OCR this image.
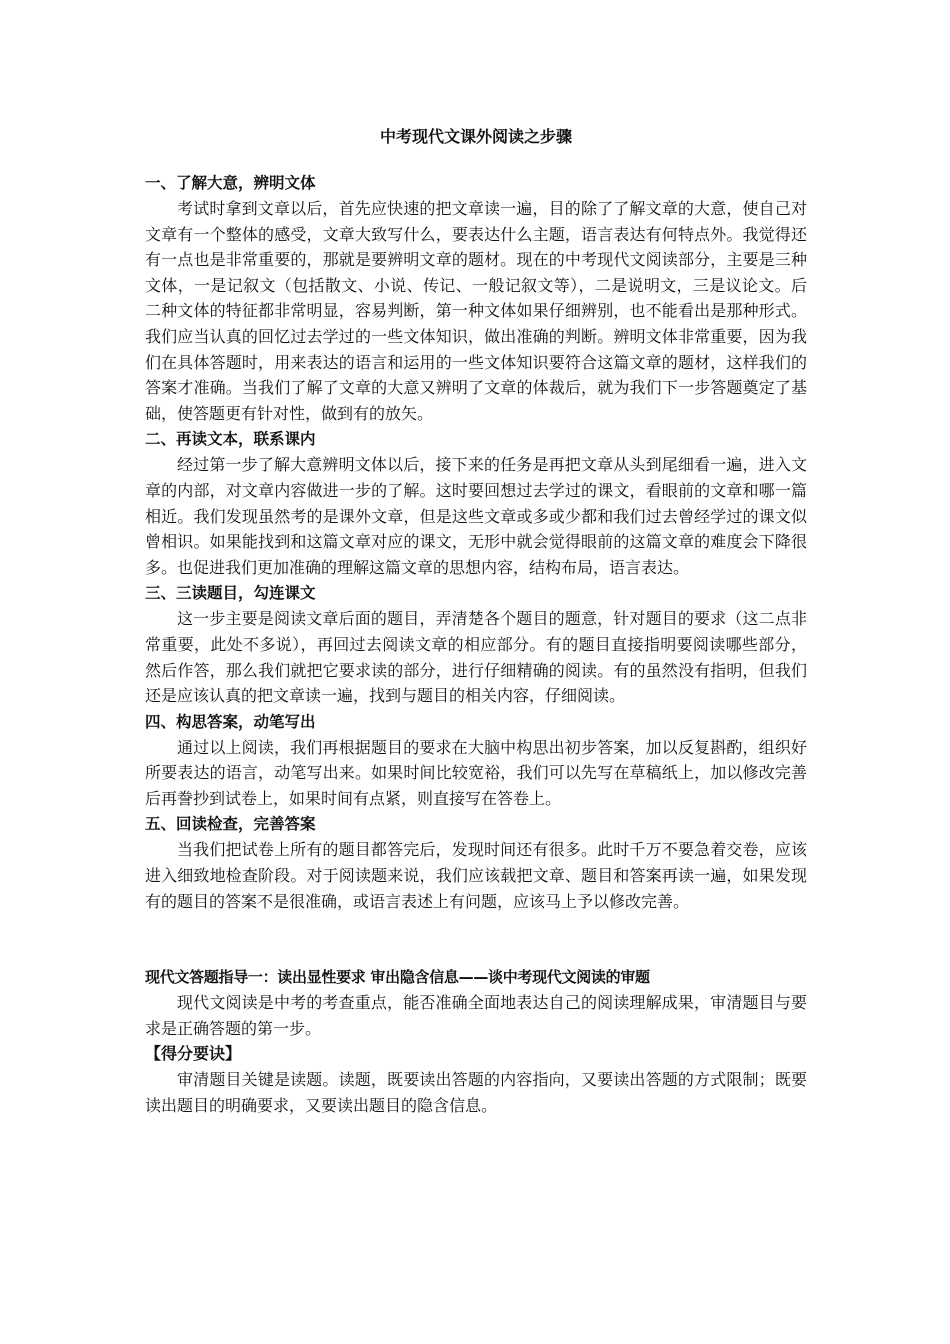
中考现代文课外阅读之步骤

一、了解大意，辨明文体

考试时拿到文章以后，首先应快速的把文章读一遍，目的除了了解文章的大意，使自己对文章有一个整体的感受，文章大致写什么，要表达什么主题，语言表达有何特点外。我觉得还有一点也是非常重要的，那就是要辨明文章的题材。现在的中考现代文阅读部分，主要是三种文体，一是记叙文（包括散文、小说、传记、一般记叙文等），二是说明文，三是议论文。后二种文体的特征都非常明显，容易判断，第一种文体如果仔细辨别，也不能看出是那种形式。我们应当认真的回忆过去学过的一些文体知识，做出准确的判断。辨明文体非常重要，因为我们在具体答题时，用来表达的语言和运用的一些文体知识要符合这篇文章的题材，这样我们的答案才准确。当我们了解了文章的大意又辨明了文章的体裁后，就为我们下一步答题奠定了基础，使答题更有针对性，做到有的放矢。

二、再读文本，联系课内

经过第一步了解大意辨明文体以后，接下来的任务是再把文章从头到尾细看一遍，进入文章的内部，对文章内容做进一步的了解。这时要回想过去学过的课文，看眼前的文章和哪一篇相近。我们发现虽然考的是课外文章，但是这些文章或多或少都和我们过去曾经学过的课文似曾相识。如果能找到和这篇文章对应的课文，无形中就会觉得眼前的这篇文章的难度会下降很多。也促进我们更加准确的理解这篇文章的思想内容，结构布局，语言表达。

三、三读题目，勾连课文

这一步主要是阅读文章后面的题目，弄清楚各个题目的题意，针对题目的要求（这二点非常重要，此处不多说），再回过去阅读文章的相应部分。有的题目直接指明要阅读哪些部分，然后作答，那么我们就把它要求读的部分，进行仔细精确的阅读。有的虽然没有指明，但我们还是应该认真的把文章读一遍，找到与题目的相关内容，仔细阅读。

四、构思答案，动笔写出

通过以上阅读，我们再根据题目的要求在大脑中构思出初步答案，加以反复斟酌，组织好所要表达的语言，动笔写出来。如果时间比较宽裕，我们可以先写在草稿纸上，加以修改完善后再誊抄到试卷上，如果时间有点紧，则直接写在答卷上。

五、回读检查，完善答案

当我们把试卷上所有的题目都答完后，发现时间还有很多。此时千万不要急着交卷，应该进入细致地检查阶段。对于阅读题来说，我们应该载把文章、题目和答案再读一遍，如果发现有的题目的答案不是很准确，或语言表述上有问题，应该马上予以修改完善。

现代文答题指导一：读出显性要求 审出隐含信息——谈中考现代文阅读的审题

现代文阅读是中考的考查重点，能否准确全面地表达自己的阅读理解成果，审清题目与要求是正确答题的第一步。

【得分要诀】

审清题目关键是读题。读题，既要读出答题的内容指向，又要读出答题的方式限制；既要读出题目的明确要求，又要读出题目的隐含信息。
